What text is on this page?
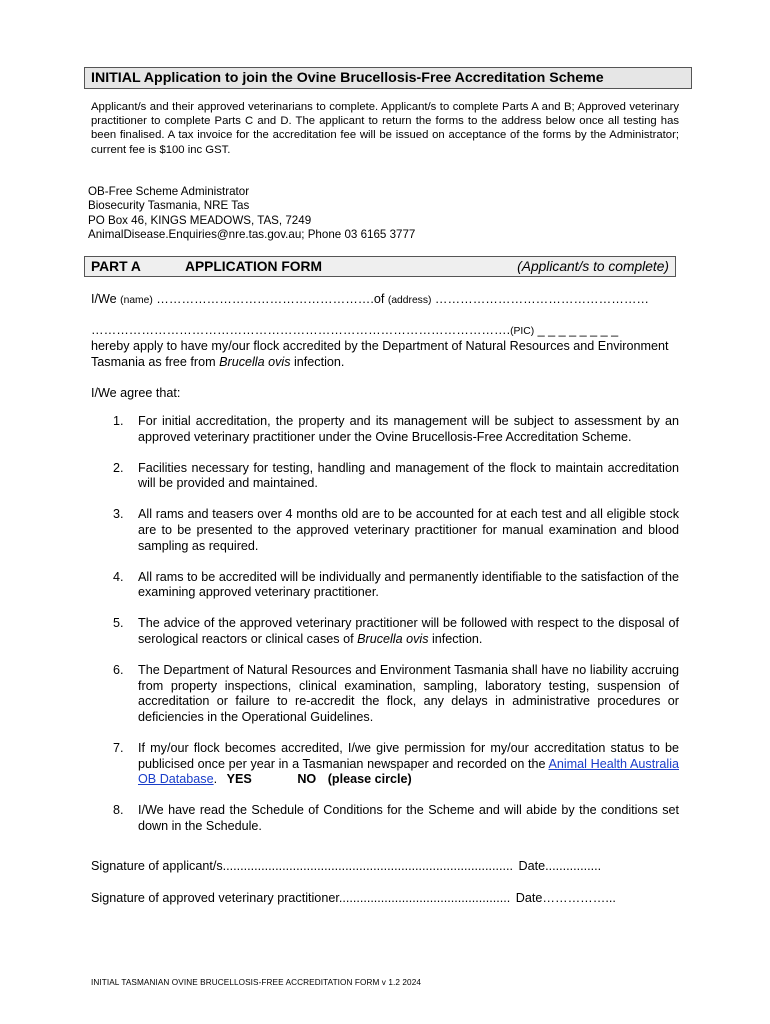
INITIAL Application to join the Ovine Brucellosis-Free Accreditation Scheme

Applicant/s and their approved veterinarians to complete. Applicant/s to complete Parts A and B; Approved veterinary practitioner to complete Parts C and D. The applicant to return the forms to the address below once all testing has been finalised. A tax invoice for the accreditation fee will be issued on acceptance of the forms by the Administrator; current fee is $100 inc GST.

OB-Free Scheme Administrator
Biosecurity Tasmania, NRE Tas
PO Box 46, KINGS MEADOWS, TAS, 7249
AnimalDisease.Enquiries@nre.tas.gov.au; Phone 03 6165 3777
PART A	APPLICATION FORM	(Applicant/s to complete)
I/We (name) …………………………………………….of (address) ……………………………………………
……………………………………………………………………………………….(PIC) _ _ _ _ _ _ _ _
hereby apply to have my/our flock accredited by the Department of Natural Resources and Environment Tasmania as free from Brucella ovis infection.
I/We agree that:
1. For initial accreditation, the property and its management will be subject to assessment by an approved veterinary practitioner under the Ovine Brucellosis-Free Accreditation Scheme.
2. Facilities necessary for testing, handling and management of the flock to maintain accreditation will be provided and maintained.
3. All rams and teasers over 4 months old are to be accounted for at each test and all eligible stock are to be presented to the approved veterinary practitioner for manual examination and blood sampling as required.
4. All rams to be accredited will be individually and permanently identifiable to the satisfaction of the examining approved veterinary practitioner.
5. The advice of the approved veterinary practitioner will be followed with respect to the disposal of serological reactors or clinical cases of Brucella ovis infection.
6. The Department of Natural Resources and Environment Tasmania shall have no liability accruing from property inspections, clinical examination, sampling, laboratory testing, suspension of accreditation or failure to re-accredit the flock, any delays in administrative procedures or deficiencies in the Operational Guidelines.
7. If my/our flock becomes accredited, I/we give permission for my/our accreditation status to be publicised once per year in a Tasmanian newspaper and recorded on the Animal Health Australia OB Database. YES	NO (please circle)
8. I/We have read the Schedule of Conditions for the Scheme and will abide by the conditions set down in the Schedule.
Signature of applicant/s................................................................................... Date................
Signature of approved veterinary practitioner................................................. Date……………...
INITIAL TASMANIAN OVINE BRUCELLOSIS-FREE ACCREDITATION FORM v 1.2 2024
